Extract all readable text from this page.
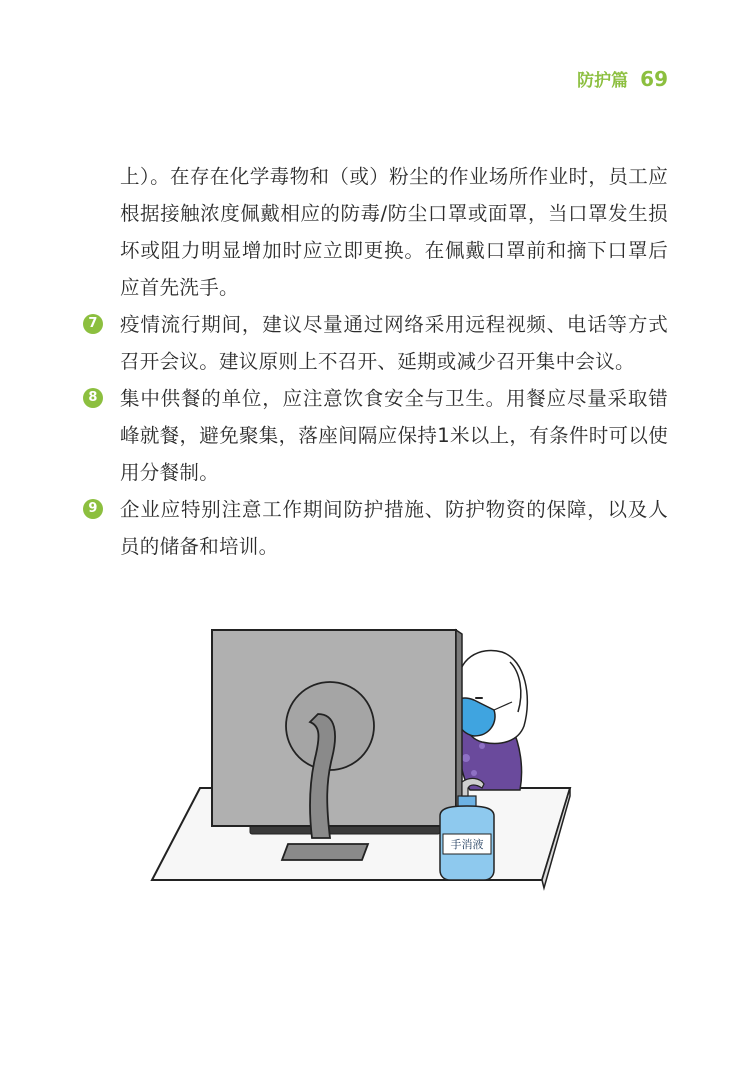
防护篇 69

上）。在存在化学毒物和（或）粉尘的作业场所作业时，员工应根据接触浓度佩戴相应的防毒/防尘口罩或面罩，当口罩发生损坏或阻力明显增加时应立即更换。在佩戴口罩前和摘下口罩后应首先洗手。

7 疫情流行期间，建议尽量通过网络采用远程视频、电话等方式召开会议。建议原则上不召开、延期或减少召开集中会议。

8 集中供餐的单位，应注意饮食安全与卫生。用餐应尽量采取错峰就餐，避免聚集，落座间隔应保持1米以上，有条件时可以使用分餐制。

9 企业应特别注意工作期间防护措施、防护物资的保障，以及人员的储备和培训。

手消液
